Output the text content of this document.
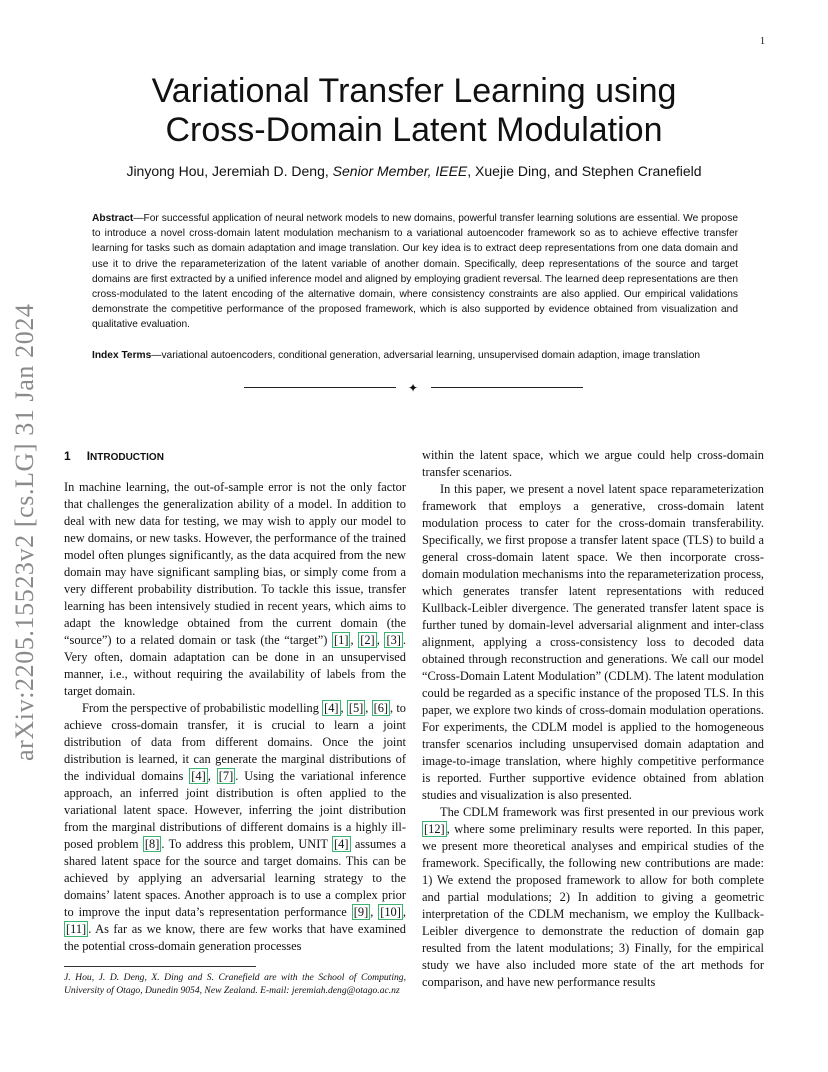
1
arXiv:2205.15523v2 [cs.LG] 31 Jan 2024
Variational Transfer Learning using
Cross-Domain Latent Modulation
Jinyong Hou, Jeremiah D. Deng, Senior Member, IEEE, Xuejie Ding, and Stephen Cranefield
Abstract—For successful application of neural network models to new domains, powerful transfer learning solutions are essential. We propose to introduce a novel cross-domain latent modulation mechanism to a variational autoencoder framework so as to achieve effective transfer learning for tasks such as domain adaptation and image translation. Our key idea is to extract deep representations from one data domain and use it to drive the reparameterization of the latent variable of another domain. Specifically, deep representations of the source and target domains are first extracted by a unified inference model and aligned by employing gradient reversal. The learned deep representations are then cross-modulated to the latent encoding of the alternative domain, where consistency constraints are also applied. Our empirical validations demonstrate the competitive performance of the proposed framework, which is also supported by evidence obtained from visualization and qualitative evaluation.
Index Terms—variational autoencoders, conditional generation, adversarial learning, unsupervised domain adaption, image translation
✦
1 INTRODUCTION

In machine learning, the out-of-sample error is not the only factor that challenges the generalization ability of a model. In addition to deal with new data for testing, we may wish to apply our model to new domains, or new tasks. However, the performance of the trained model often plunges significantly, as the data acquired from the new domain may have significant sampling bias, or simply come from a very different probability distribution. To tackle this issue, transfer learning has been intensively studied in recent years, which aims to adapt the knowledge obtained from the current domain (the “source”) to a related domain or task (the “target”) [1] , [2] , [3] . Very often, domain adaptation can be done in an unsupervised manner, i.e., without requiring the availability of labels from the target domain.

From the perspective of probabilistic modelling [4] , [5] , [6] , to achieve cross-domain transfer, it is crucial to learn a joint distribution of data from different domains. Once the joint distribution is learned, it can generate the marginal distributions of the individual domains [4] , [7] . Using the variational inference approach, an inferred joint distribution is often applied to the variational latent space. However, inferring the joint distribution from the marginal distributions of different domains is a highly ill-posed problem [8] . To address this problem, UNIT [4] assumes a shared latent space for the source and target domains. This can be achieved by applying an adversarial learning strategy to the domains’ latent spaces. Another approach is to use a complex prior to improve the input data’s representation performance [9] , [10] , [11] . As far as we know, there are few works that have examined the potential cross-domain generation processes

within the latent space, which we argue could help cross-domain transfer scenarios.

In this paper, we present a novel latent space reparameterization framework that employs a generative, cross-domain latent modulation process to cater for the cross-domain transferability. Specifically, we first propose a transfer latent space (TLS) to build a general cross-domain latent space. We then incorporate cross-domain modulation mechanisms into the reparameterization process, which generates transfer latent representations with reduced Kullback-Leibler divergence. The generated transfer latent space is further tuned by domain-level adversarial alignment and inter-class alignment, applying a cross-consistency loss to decoded data obtained through reconstruction and generations. We call our model “Cross-Domain Latent Modulation” (CDLM). The latent modulation could be regarded as a specific instance of the proposed TLS. In this paper, we explore two kinds of cross-domain modulation operations. For experiments, the CDLM model is applied to the homogeneous transfer scenarios including unsupervised domain adaptation and image-to-image translation, where highly competitive performance is reported. Further supportive evidence obtained from ablation studies and visualization is also presented.

The CDLM framework was first presented in our previous work [12] , where some preliminary results were reported. In this paper, we present more theoretical analyses and empirical studies of the framework. Specifically, the following new contributions are made: 1) We extend the proposed framework to allow for both complete and partial modulations; 2) In addition to giving a geometric interpretation of the CDLM mechanism, we employ the Kullback-Leibler divergence to demonstrate the reduction of domain gap resulted from the latent modulations; 3) Finally, for the empirical study we have also included more state of the art methods for comparison, and have new performance results

J. Hou, J. D. Deng, X. Ding and S. Cranefield are with the School of Computing, University of Otago, Dunedin 9054, New Zealand. E-mail: jeremiah.deng@otago.ac.nz
